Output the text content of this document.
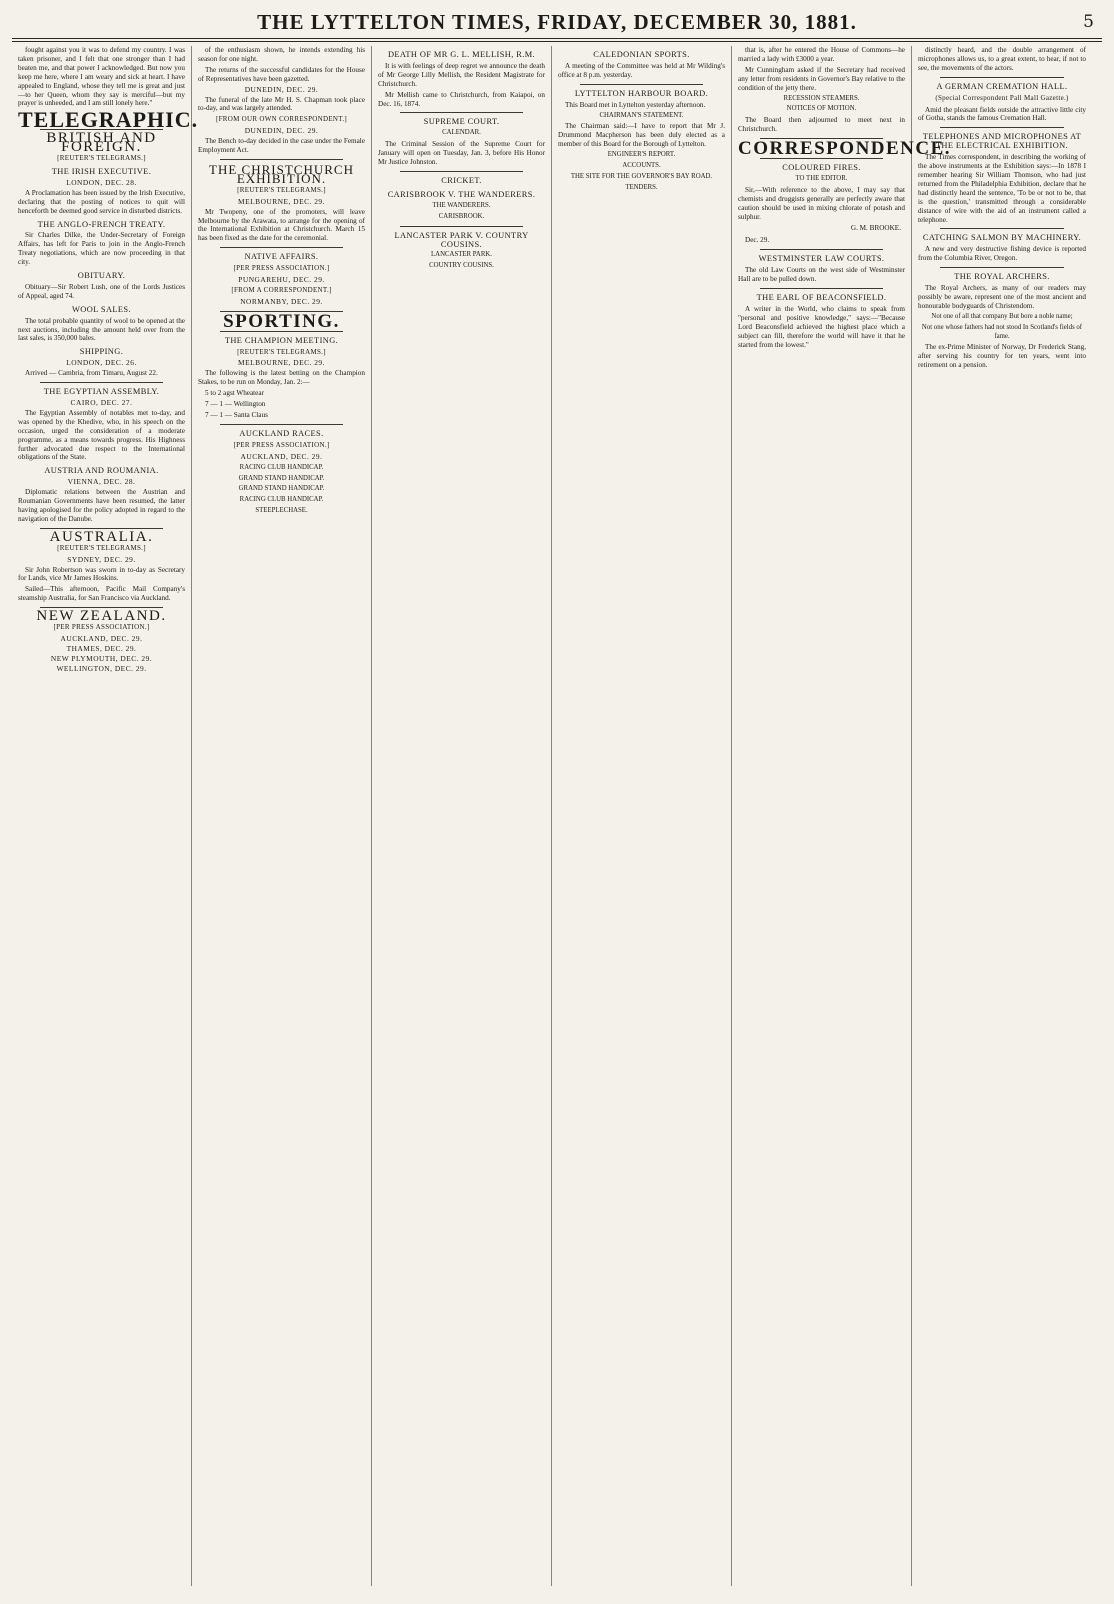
THE LYTTELTON TIMES, FRIDAY, DECEMBER 30, 1881.	5

fought against you it was to defend my country. I was taken prisoner, and I felt that one stronger than I had beaten me, and that power I acknowledged. But now you keep me here, where I am weary and sick at heart. I have appealed to England, whose they tell me is great and just—to her Queen, whom they say is merciful—but my prayer is unheeded, and I am still lonely here."

TELEGRAPHIC.
BRITISH AND FOREIGN.
[REUTER'S TELEGRAMS.]
THE IRISH EXECUTIVE.
LONDON, DEC. 28.

A Proclamation has been issued by the Irish Executive, declaring that the posting of notices to quit will henceforth be deemed good service in disturbed districts.

THE ANGLO-FRENCH TREATY.

Sir Charles Dilke, the Under-Secretary of Foreign Affairs, has left for Paris to join in the Anglo-French Treaty negotiations, which are now proceeding in that city.

OBITUARY.

Obituary—Sir Robert Lush, one of the Lords Justices of Appeal, aged 74.

WOOL SALES.

The total probable quantity of wool to be opened at the next auctions, including the amount held over from the last sales, is 350,000 bales.

SHIPPING.
LONDON, DEC. 26.

Arrived — Cambria, from Timaru, August 22.

THE EGYPTIAN ASSEMBLY.
CAIRO, DEC. 27.

The Egyptian Assembly of notables met to-day, and was opened by the Khedive, who, in his speech on the occasion, urged the consideration of a moderate programme, as a means towards progress. His Highness further advocated due respect to the International obligations of the State.

AUSTRIA AND ROUMANIA.
VIENNA, DEC. 28.

Diplomatic relations between the Austrian and Roumanian Governments have been resumed, the latter having apologised for the policy adopted in regard to the navigation of the Danube.

AUSTRALIA.
[REUTER'S TELEGRAMS.]
SYDNEY, DEC. 29.

Sir John Robertson was sworn in to-day as Secretary for Lands, vice Mr James Hoskins.

Sailed—This afternoon, Pacific Mail Company's steamship Australia, for San Francisco via Auckland.

NEW ZEALAND.
[PER PRESS ASSOCIATION.]
AUCKLAND, DEC. 29.
THAMES, DEC. 29.
NEW PLYMOUTH, DEC. 29.
WELLINGTON, DEC. 29.

of the enthusiasm shown, he intends extending his season for one night.

The returns of the successful candidates for the House of Representatives have been gazetted.

DUNEDIN, DEC. 29.

The funeral of the late Mr H. S. Chapman took place to-day, and was largely attended.

[FROM OUR OWN CORRESPONDENT.]
DUNEDIN, DEC. 29.

The Bench to-day decided in the case under the Female Employment Act.

THE CHRISTCHURCH EXHIBITION.
[REUTER'S TELEGRAMS.]
MELBOURNE, DEC. 29.

Mr Twopeny, one of the promoters, will leave Melbourne by the Arawata, to arrange for the opening of the International Exhibition at Christchurch. March 15 has been fixed as the date for the ceremonial.

NATIVE AFFAIRS.
[PER PRESS ASSOCIATION.]
PUNGAREHU, DEC. 29.
[FROM A CORRESPONDENT.]
NORMANBY, DEC. 29.
SPORTING.
THE CHAMPION MEETING.
[REUTER'S TELEGRAMS.]
MELBOURNE, DEC. 29.

The following is the latest betting on the Champion Stakes, to be run on Monday, Jan. 2:—

5 to 2 agst Wheatear

7 — 1 — Wellington

7 — 1 — Santa Claus

AUCKLAND RACES.
[PER PRESS ASSOCIATION.]
AUCKLAND, DEC. 29.
RACING CLUB HANDICAP.
GRAND STAND HANDICAP.
GRAND STAND HANDICAP.
RACING CLUB HANDICAP.
STEEPLECHASE.
DEATH OF MR G. L. MELLISH, R.M.

It is with feelings of deep regret we announce the death of Mr George Lilly Mellish, the Resident Magistrate for Christchurch.

Mr Mellish came to Christchurch, from Kaiapoi, on Dec. 16, 1874.

SUPREME COURT.
CALENDAR.

The Criminal Session of the Supreme Court for January will open on Tuesday, Jan. 3, before His Honor Mr Justice Johnston.

CRICKET.
CARISBROOK V. THE WANDERERS.
THE WANDERERS.
CARISBROOK.
LANCASTER PARK V. COUNTRY COUSINS.
LANCASTER PARK.
COUNTRY COUSINS.
CALEDONIAN SPORTS.

A meeting of the Committee was held at Mr Wilding's office at 8 p.m. yesterday.

LYTTELTON HARBOUR BOARD.

This Board met in Lyttelton yesterday afternoon.

CHAIRMAN'S STATEMENT.

The Chairman said:—I have to report that Mr J. Drummond Macpherson has been duly elected as a member of this Board for the Borough of Lyttelton.

ENGINEER'S REPORT.
ACCOUNTS.
THE SITE FOR THE GOVERNOR'S BAY ROAD.
TENDERS.

that is, after he entered the House of Commons—he married a lady with £3000 a year.

Mr Cunningham asked if the Secretary had received any letter from residents in Governor's Bay relative to the condition of the jetty there.

RECESSION STEAMERS.
NOTICES OF MOTION.

The Board then adjourned to meet next in Christchurch.

CORRESPONDENCE.
COLOURED FIRES.
TO THE EDITOR.

Sir,—With reference to the above, I may say that chemists and druggists generally are perfectly aware that caution should be used in mixing chlorate of potash and sulphur.

G. M. BROOKE.

Dec. 29.

WESTMINSTER LAW COURTS.

The old Law Courts on the west side of Westminster Hall are to be pulled down.

THE EARL OF BEACONSFIELD.

A writer in the World, who claims to speak from "personal and positive knowledge," says:—"Because Lord Beaconsfield achieved the highest place which a subject can fill, therefore the world will have it that he started from the lowest."

distinctly heard, and the double arrangement of microphones allows us, to a great extent, to hear, if not to see, the movements of the actors.

A GERMAN CREMATION HALL.
(Special Correspondent Pall Mall Gazette.)

Amid the pleasant fields outside the attractive little city of Gotha, stands the famous Cremation Hall.

TELEPHONES AND MICROPHONES AT THE ELECTRICAL EXHIBITION.

The Times correspondent, in describing the working of the above instruments at the Exhibition says:—In 1878 I remember hearing Sir William Thomson, who had just returned from the Philadelphia Exhibition, declare that he had distinctly heard the sentence, 'To be or not to be, that is the question,' transmitted through a considerable distance of wire with the aid of an instrument called a telephone.

CATCHING SALMON BY MACHINERY.

A new and very destructive fishing device is reported from the Columbia River, Oregon.

THE ROYAL ARCHERS.

The Royal Archers, as many of our readers may possibly be aware, represent one of the most ancient and honourable bodyguards of Christendom.

Not one of all that company But bore a noble name;
Not one whose fathers had not stood In Scotland's fields of fame.

The ex-Prime Minister of Norway, Dr Frederick Stang, after serving his country for ten years, went into retirement on a pension.
